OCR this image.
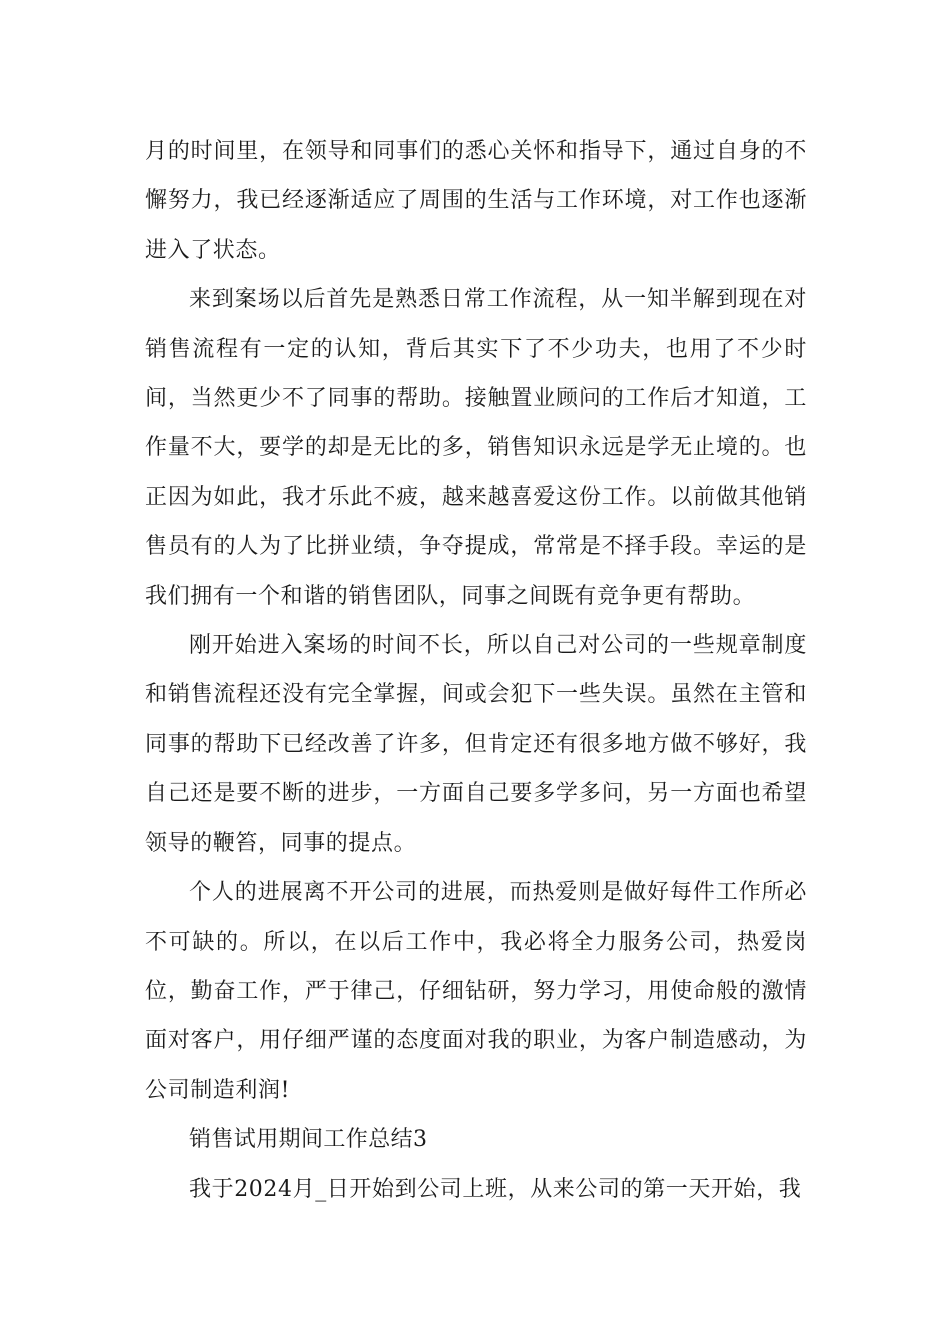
月的时间里，在领导和同事们的悉心关怀和指导下，通过自身的不懈努力，我已经逐渐适应了周围的生活与工作环境，对工作也逐渐进入了状态。

来到案场以后首先是熟悉日常工作流程，从一知半解到现在对销售流程有一定的认知，背后其实下了不少功夫，也用了不少时间，当然更少不了同事的帮助。接触置业顾问的工作后才知道，工作量不大，要学的却是无比的多，销售知识永远是学无止境的。也正因为如此，我才乐此不疲，越来越喜爱这份工作。以前做其他销售员有的人为了比拼业绩，争夺提成，常常是不择手段。幸运的是我们拥有一个和谐的销售团队，同事之间既有竞争更有帮助。

刚开始进入案场的时间不长，所以自己对公司的一些规章制度和销售流程还没有完全掌握，间或会犯下一些失误。虽然在主管和同事的帮助下已经改善了许多，但肯定还有很多地方做不够好，我自己还是要不断的进步，一方面自己要多学多问，另一方面也希望领导的鞭笞，同事的提点。

个人的进展离不开公司的进展，而热爱则是做好每件工作所必不可缺的。所以，在以后工作中，我必将全力服务公司，热爱岗位，勤奋工作，严于律己，仔细钻研，努力学习，用使命般的激情面对客户，用仔细严谨的态度面对我的职业，为客户制造感动，为公司制造利润!

销售试用期间工作总结3

我于2024月_日开始到公司上班，从来公司的第一天开始，我
